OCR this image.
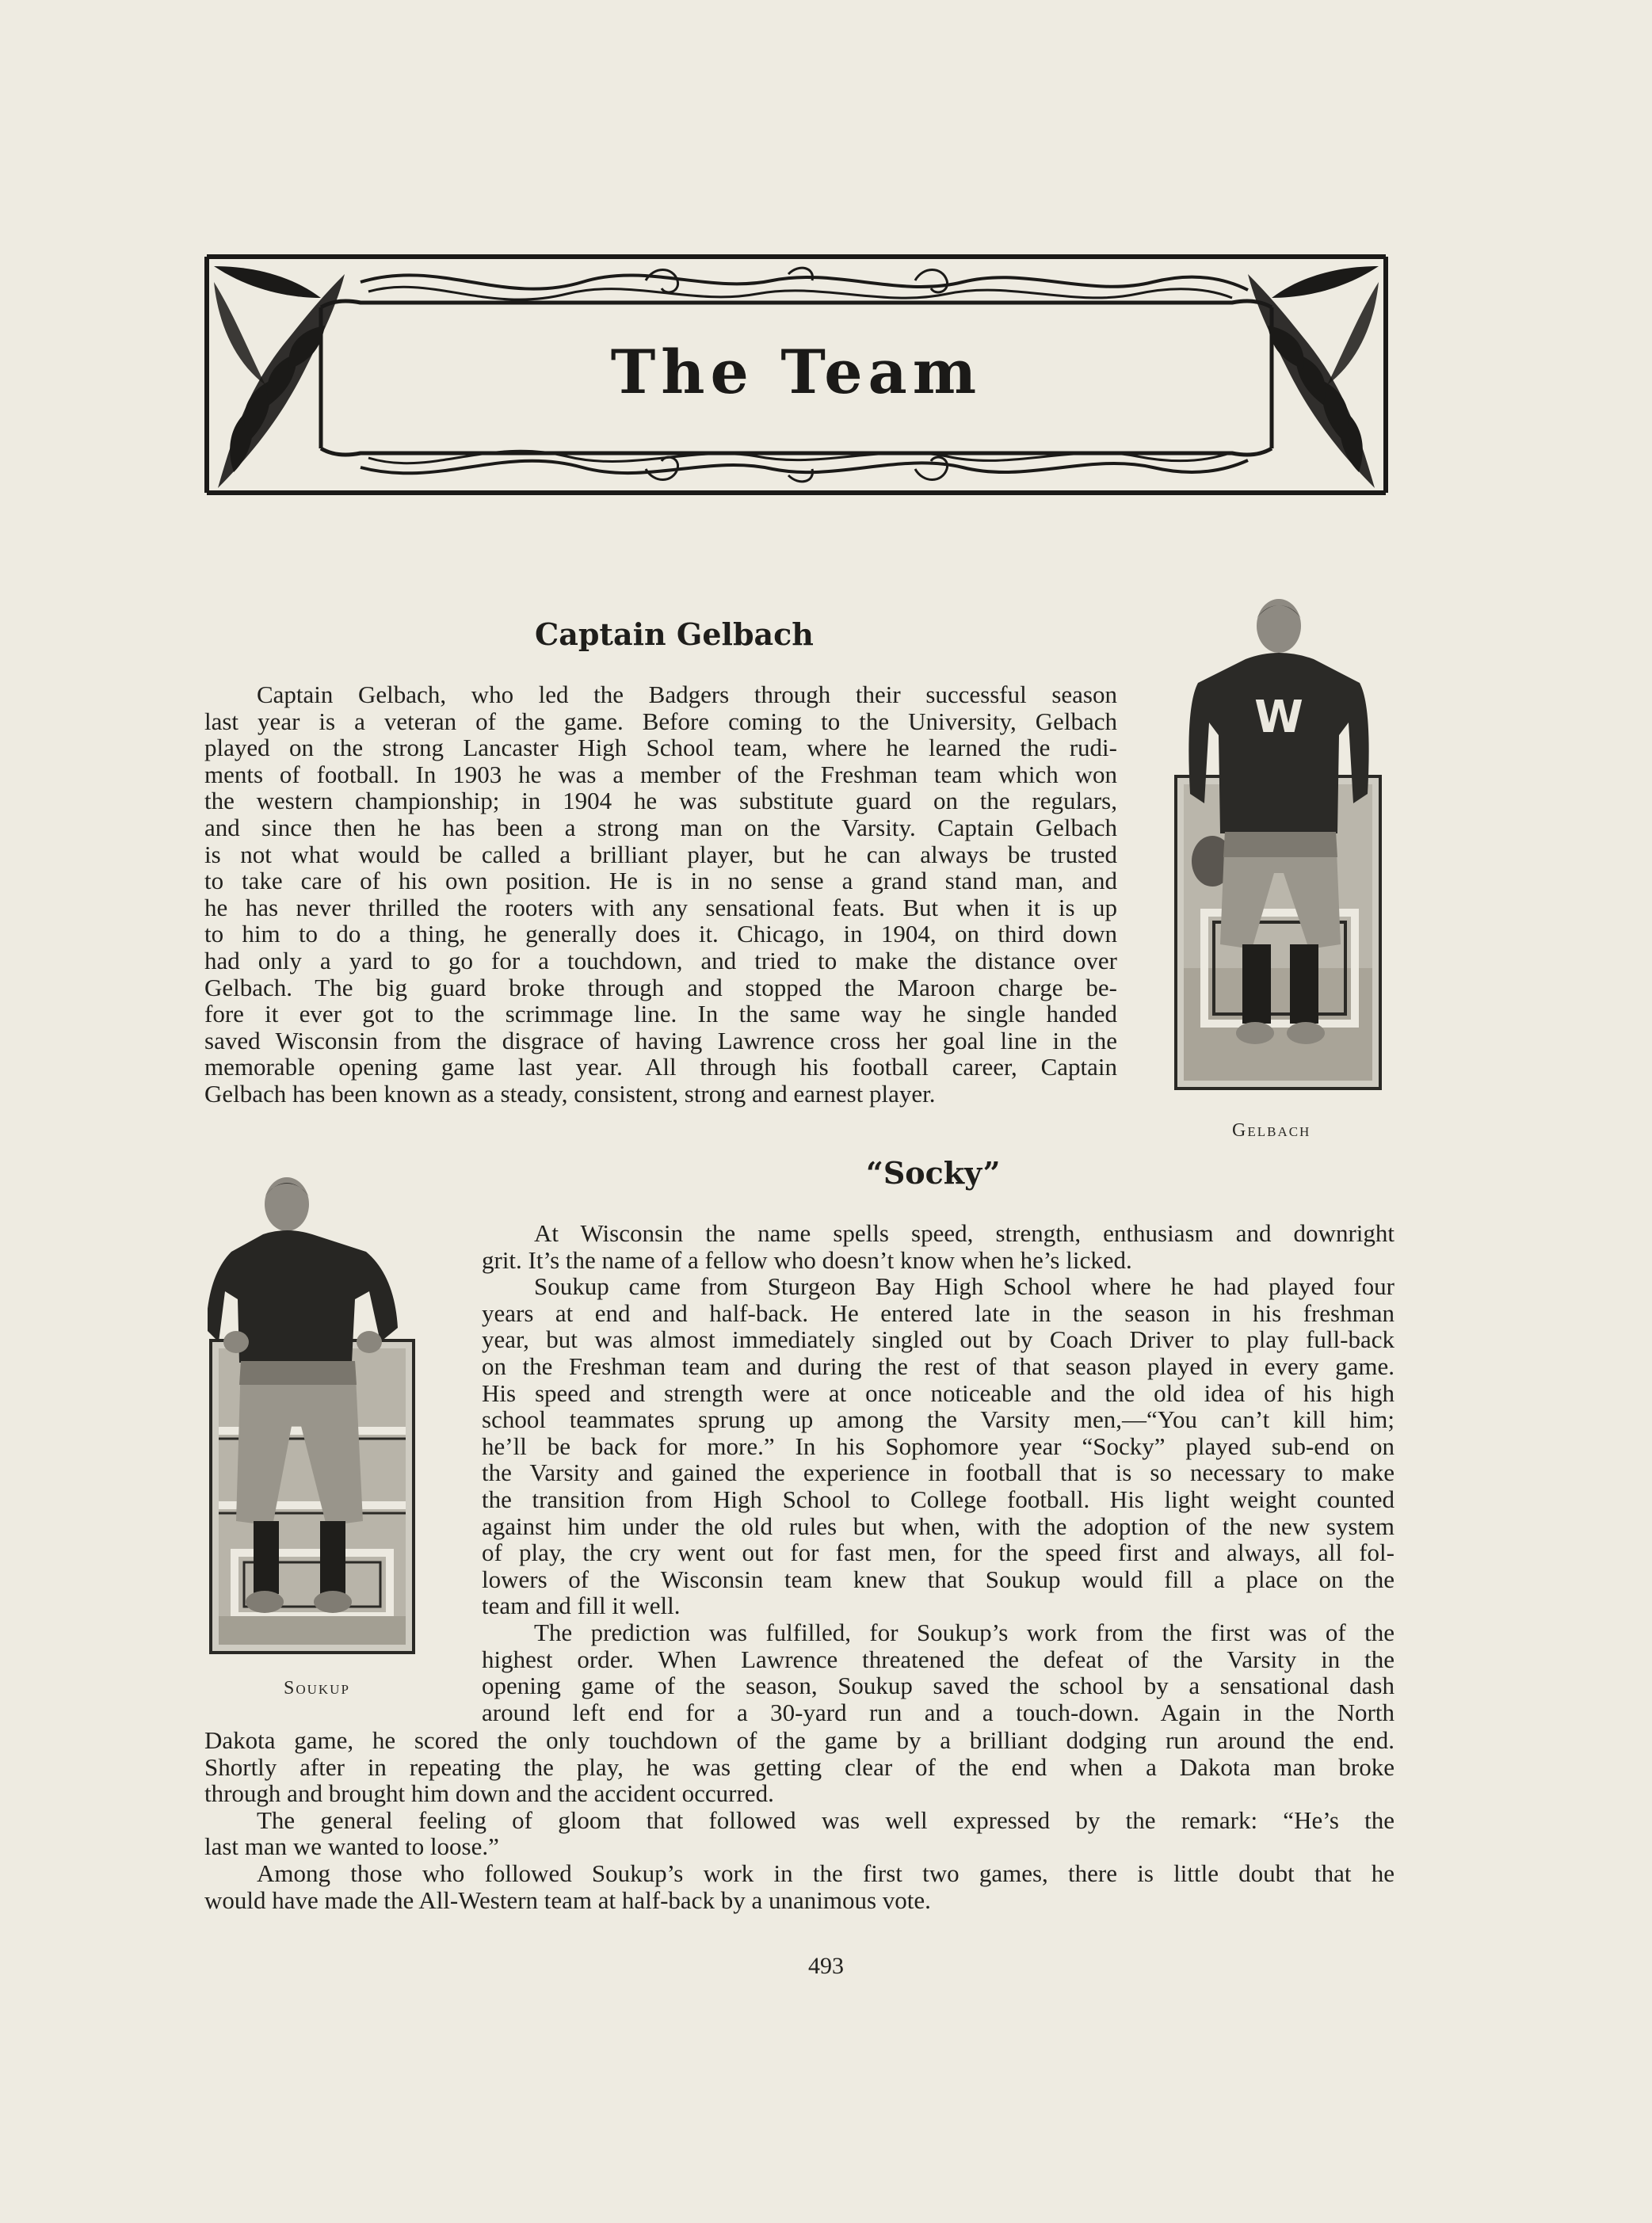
The Team
Captain Gelbach
Captain Gelbach, who led the Badgers through their successful season
last year is a veteran of the game. Before coming to the University, Gelbach
played on the strong Lancaster High School team, where he learned the rudi-
ments of football. In 1903 he was a member of the Freshman team which won
the western championship; in 1904 he was substitute guard on the regulars,
and since then he has been a strong man on the Varsity. Captain Gelbach
is not what would be called a brilliant player, but he can always be trusted
to take care of his own position. He is in no sense a grand stand man, and
he has never thrilled the rooters with any sensational feats. But when it is up
to him to do a thing, he generally does it. Chicago, in 1904, on third down
had only a yard to go for a touchdown, and tried to make the distance over
Gelbach. The big guard broke through and stopped the Maroon charge be-
fore it ever got to the scrimmage line. In the same way he single handed
saved Wisconsin from the disgrace of having Lawrence cross her goal line in the
memorable opening game last year. All through his football career, Captain
Gelbach has been known as a steady, consistent, strong and earnest player.
W
Gelbach
“Socky”
At Wisconsin the name spells speed, strength, enthusiasm and downright
grit. It’s the name of a fellow who doesn’t know when he’s licked.
Soukup came from Sturgeon Bay High School where he had played four
years at end and half-back. He entered late in the season in his freshman
year, but was almost immediately singled out by Coach Driver to play full-back
on the Freshman team and during the rest of that season played in every game.
His speed and strength were at once noticeable and the old idea of his high
school teammates sprung up among the Varsity men,—“You can’t kill him;
he’ll be back for more.” In his Sophomore year “Socky” played sub-end on
the Varsity and gained the experience in football that is so necessary to make
the transition from High School to College football. His light weight counted
against him under the old rules but when, with the adoption of the new system
of play, the cry went out for fast men, for the speed first and always, all fol-
lowers of the Wisconsin team knew that Soukup would fill a place on the
team and fill it well.
The prediction was fulfilled, for Soukup’s work from the first was of the
highest order. When Lawrence threatened the defeat of the Varsity in the
opening game of the season, Soukup saved the school by a sensational dash
around left end for a 30-yard run and a touch-down. Again in the North
Dakota game, he scored the only touchdown of the game by a brilliant dodging run around the end.
Shortly after in repeating the play, he was getting clear of the end when a Dakota man broke
through and brought him down and the accident occurred.
The general feeling of gloom that followed was well expressed by the remark: “He’s the
last man we wanted to loose.”
Among those who followed Soukup’s work in the first two games, there is little doubt that he
would have made the All-Western team at half-back by a unanimous vote.
Soukup
493
